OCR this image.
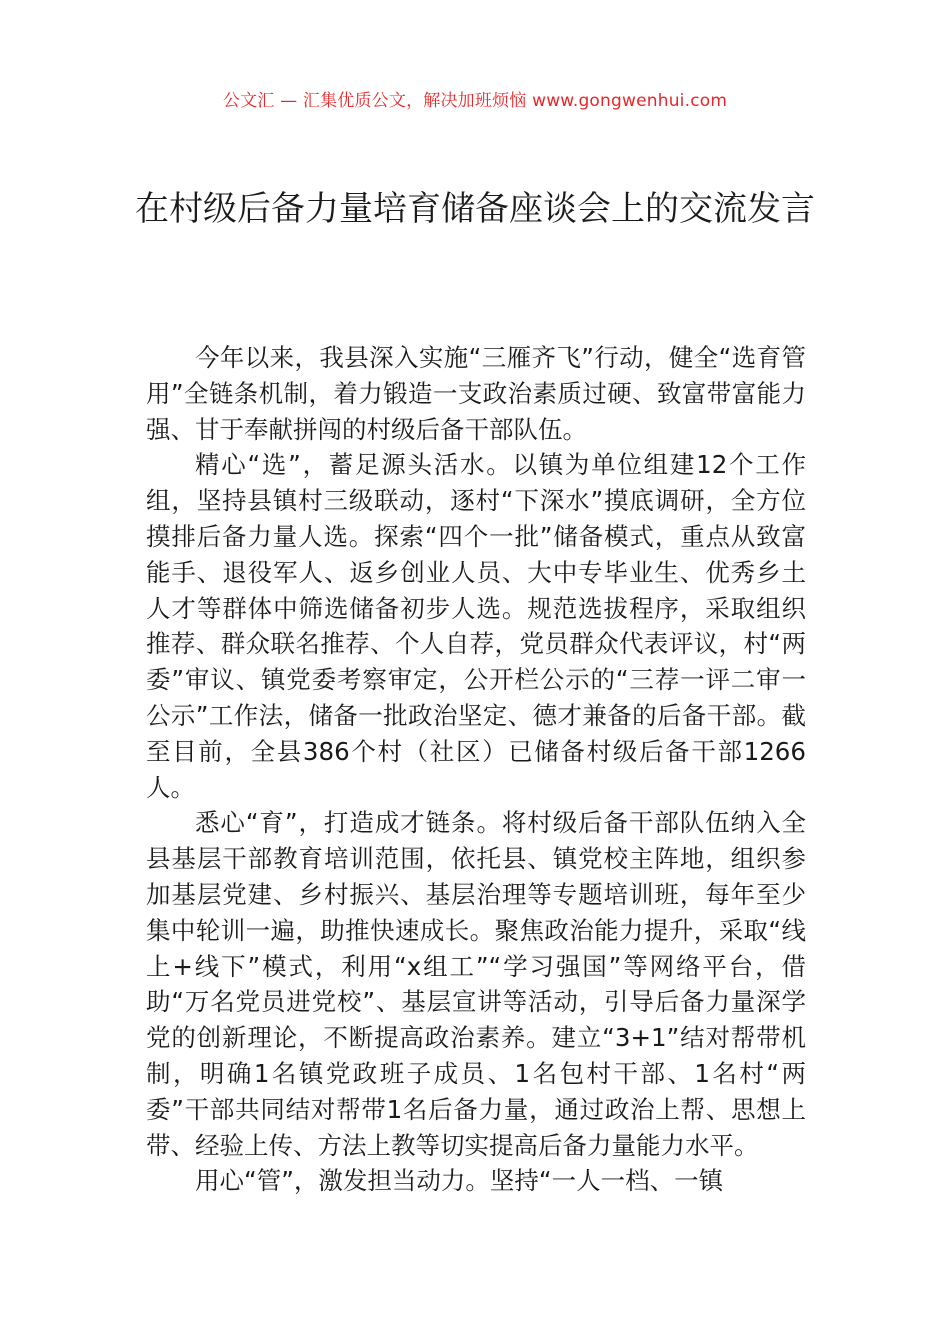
公文汇 — 汇集优质公文，解决加班烦恼 www.gongwenhui.com
在村级后备力量培育储备座谈会上的交流发言

今年以来，我县深入实施“三雁齐飞”行动，健全“选育管用”全链条机制，着力锻造一支政治素质过硬、致富带富能力强、甘于奉献拼闯的村级后备干部队伍。

精心“选”，蓄足源头活水。以镇为单位组建12个工作组，坚持县镇村三级联动，逐村“下深水”摸底调研，全方位摸排后备力量人选。探索“四个一批”储备模式，重点从致富能手、退役军人、返乡创业人员、大中专毕业生、优秀乡土人才等群体中筛选储备初步人选。规范选拔程序，采取组织推荐、群众联名推荐、个人自荐，党员群众代表评议，村“两委”审议、镇党委考察审定，公开栏公示的“三荐一评二审一公示”工作法，储备一批政治坚定、德才兼备的后备干部。截至目前，全县386个村（社区）已储备村级后备干部1266人。

悉心“育”，打造成才链条。将村级后备干部队伍纳入全县基层干部教育培训范围，依托县、镇党校主阵地，组织参加基层党建、乡村振兴、基层治理等专题培训班，每年至少集中轮训一遍，助推快速成长。聚焦政治能力提升，采取“线上+线下”模式，利用“x组工”“学习强国”等网络平台，借助“万名党员进党校”、基层宣讲等活动，引导后备力量深学党的创新理论，不断提高政治素养。建立“3+1”结对帮带机制，明确1名镇党政班子成员、1名包村干部、1名村“两委”干部共同结对帮带1名后备力量，通过政治上帮、思想上带、经验上传、方法上教等切实提高后备力量能力水平。

用心“管”，激发担当动力。坚持“一人一档、一镇
